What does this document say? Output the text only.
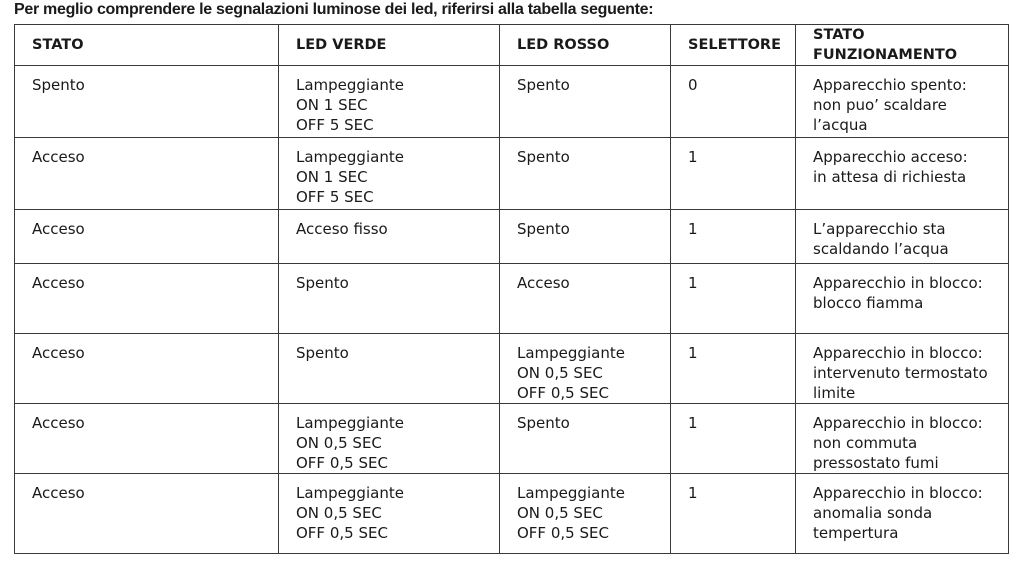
Per meglio comprendere le segnalazioni luminose dei led, riferirsi alla tabella seguente:
STATO	LED VERDE	LED ROSSO	SELETTORE	STATO FUNZIONAMENTO

Spento	Lampeggiante
ON 1 SEC
OFF 5 SEC	Spento	0	Apparecchio spento:
non puo’ scaldare
l’acqua

Acceso	Lampeggiante
ON 1 SEC
OFF 5 SEC	Spento	1	Apparecchio acceso:
in attesa di richiesta

Acceso	Acceso fisso	Spento	1	L’apparecchio sta
scaldando l’acqua

Acceso	Spento	Acceso	1	Apparecchio in blocco:
blocco fiamma

Acceso	Spento	Lampeggiante
ON 0,5 SEC
OFF 0,5 SEC	1	Apparecchio in blocco:
intervenuto termostato
limite

Acceso	Lampeggiante
ON 0,5 SEC
OFF 0,5 SEC	Spento	1	Apparecchio in blocco:
non commuta
pressostato fumi

Acceso	Lampeggiante
ON 0,5 SEC
OFF 0,5 SEC	Lampeggiante
ON 0,5 SEC
OFF 0,5 SEC	1	Apparecchio in blocco:
anomalia sonda
tempertura
